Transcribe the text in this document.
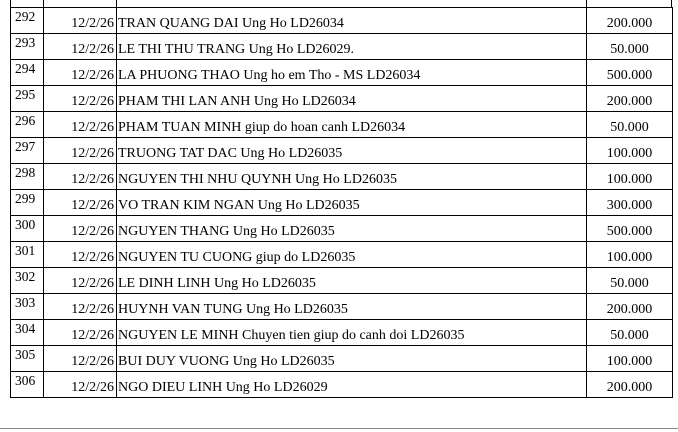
292	12/2/26	TRAN QUANG DAI Ung Ho LD26034	200.000
293	12/2/26	LE THI THU TRANG Ung Ho LD26029.	50.000
294	12/2/26	LA PHUONG THAO Ung ho em Tho - MS LD26034	500.000
295	12/2/26	PHAM THI LAN ANH Ung Ho LD26034	200.000
296	12/2/26	PHAM TUAN MINH giup do hoan canh LD26034	50.000
297	12/2/26	TRUONG TAT DAC Ung Ho LD26035	100.000
298	12/2/26	NGUYEN THI NHU QUYNH Ung Ho LD26035	100.000
299	12/2/26	VO TRAN KIM NGAN Ung Ho LD26035	300.000
300	12/2/26	NGUYEN THANG Ung Ho LD26035	500.000
301	12/2/26	NGUYEN TU CUONG giup do LD26035	100.000
302	12/2/26	LE DINH LINH Ung Ho LD26035	50.000
303	12/2/26	HUYNH VAN TUNG Ung Ho LD26035	200.000
304	12/2/26	NGUYEN LE MINH Chuyen tien giup do canh doi LD26035	50.000
305	12/2/26	BUI DUY VUONG Ung Ho LD26035	100.000
306	12/2/26	NGO DIEU LINH Ung Ho LD26029	200.000
